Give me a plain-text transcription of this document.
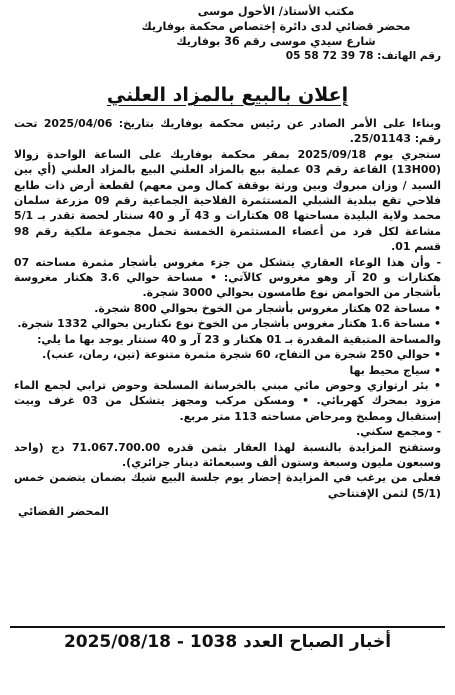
مكتب الأستاذ/ الأحول موسى
محضر قضائي لدى دائرة إختصاص محكمة بوفاريك
شارع سيدي موسى رقم 36 بوفاريك
رقم الهاتف: 05 58 72 39 78
إعلان بالبيع بالمزاد العلني

وبناءا على الأمر الصادر عن رئيس محكمة بوفاريك بتاريخ: 2025/04/06 تحت رقم: 25/01143.

ستجري يوم 2025/09/18 بمقر محكمة بوفاريك على الساعة الواحدة زوالا (13H00) القاعة رقم 03 عملية بيع بالمزاد العلني البيع بالمزاد العلني (أي بين السيد / وزان مبروك وبين ورثة بوقفة كمال ومن معهم) لقطعة أرض ذات طابع فلاحي تقع ببلدية الشبلي المستثمرة الفلاحية الجماعية رقم 09 مزرعة سلمان محمد ولاية البليدة مساحتها 08 هكتارات و 43 آر و 40 سنتار لحصة تقدر بـ 5/1 مشاعة لكل فرد من أعضاء المستثمرة الخمسة تحمل مجموعة ملكية رقم 98 قسم 01.

- وأن هذا الوعاء العقاري يتشكل من جزء مغروس بأشجار مثمرة مساحته 07 هكتارات و 20 آر وهو مغروس كالآتي: • مساحة حوالي 3.6 هكتار مغروسة بأشجار من الحوامض نوع طامسون بحوالي 3000 شجرة.

• مساحة 02 هكتار مغروس بأشجار من الخوخ بحوالي 800 شجرة.

• مساحة 1.6 هكتار مغروس بأشجار من الخوخ نوع نكتارين بحوالي 1332 شجرة.

والمساحة المتبقية المقدرة بـ 01 هكتار و 23 آر و 40 سنتار يوجد بها ما يلي:

• حوالي 250 شجرة من التفاح، 60 شجرة مثمرة متنوعة (تين، رمان، عنب).

• سياج محيط بها

• بئر ارتوازي وحوض مائي مبني بالخرسانة المسلحة وحوض ترابي لجمع الماء مزود بمحرك كهربائي. • ومسكن مركب ومجهز يتشكل من 03 غرف وبيت إستقبال ومطبخ ومرحاض مساحته 113 متر مربع.

- ومجمع سكني.

وستفتح المزايدة بالنسبة لهذا العقار بثمن قدره 71.067.700.00 دج (واحد وسبعون مليون وسبعة وستون ألف وسبعمائة دينار جزائري).

فعلى من يرغب في المزايدة إحضار يوم جلسة البيع شيك بضمان يتضمن خمس (5/1) لثمن الإفتتاحي

المحضر القضائي
أخبار الصباح العدد 1038 - 2025/08/18
